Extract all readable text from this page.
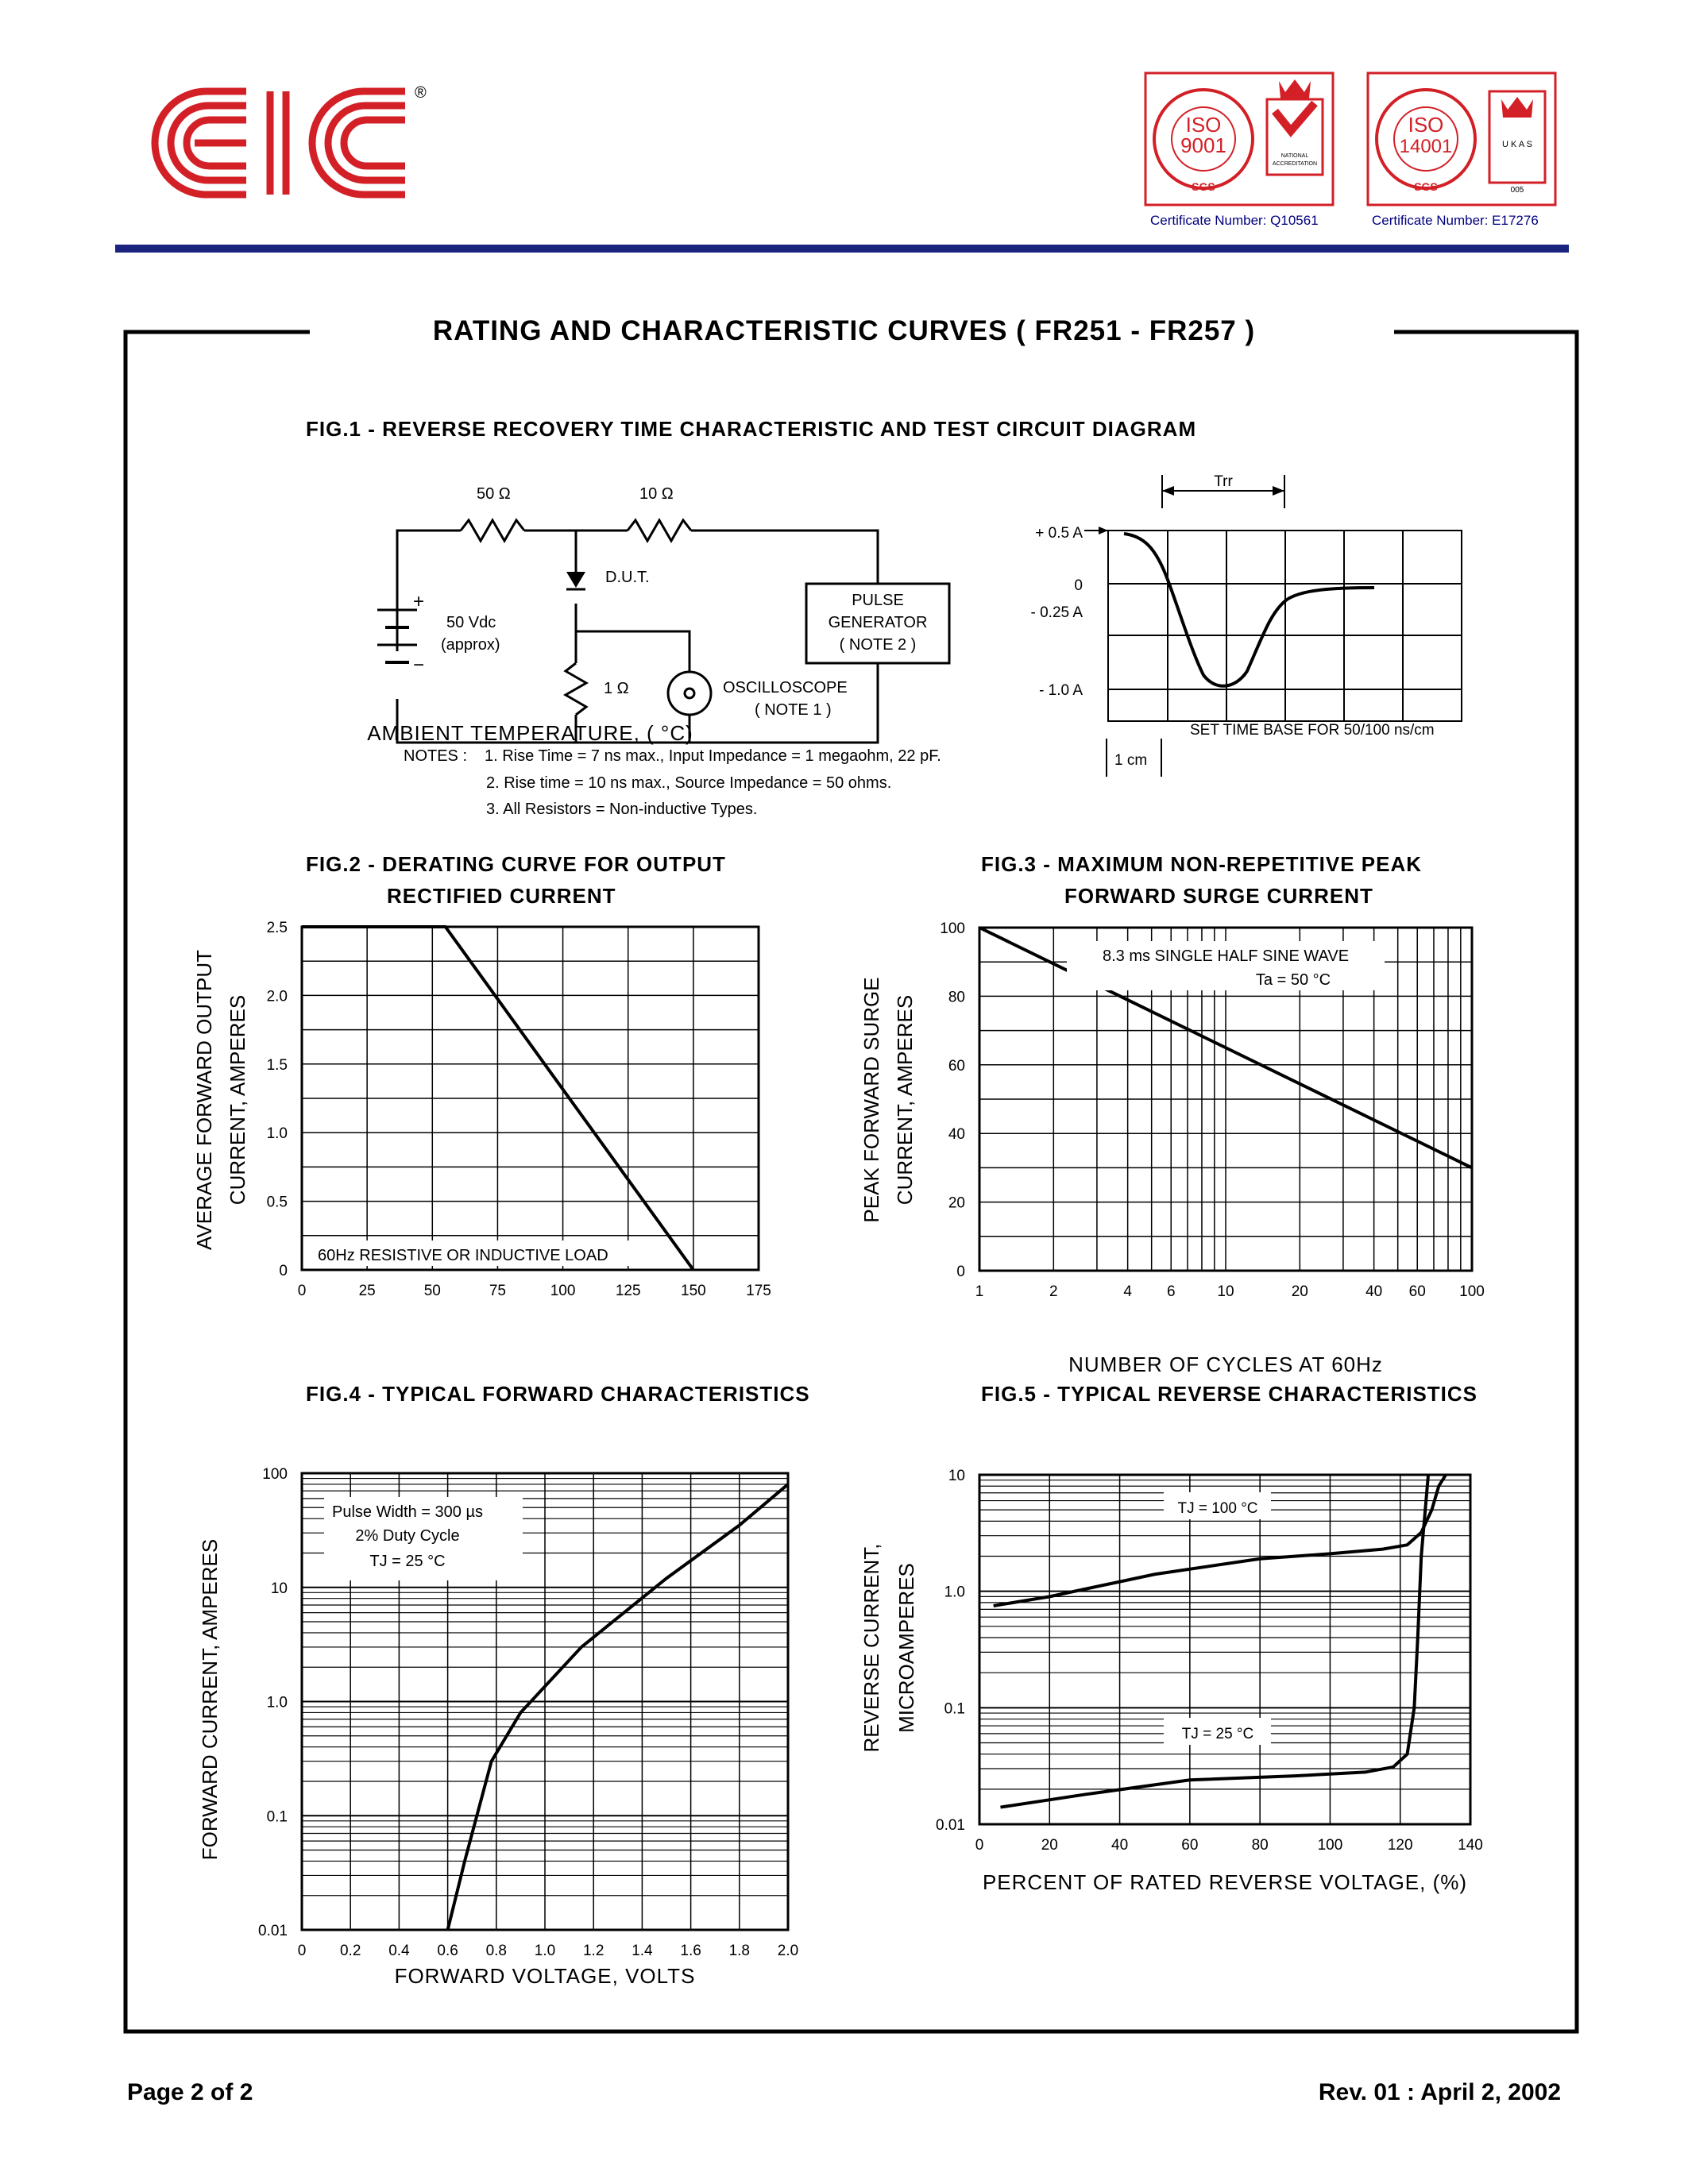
®
ISO
9001
SGS
NATIONAL
ACCREDITATION
ISO
14001
SGS
U K A S
005
Certificate Number: Q10561	Certificate Number: E17276
RATING AND CHARACTERISTIC CURVES ( FR251 - FR257 )
FIG.1 - REVERSE RECOVERY TIME CHARACTERISTIC AND TEST CIRCUIT DIAGRAM
FIG.2 - DERATING CURVE FOR OUTPUT
RECTIFIED CURRENT
FIG.3 - MAXIMUM NON-REPETITIVE PEAK
FORWARD SURGE CURRENT
FIG.4 - TYPICAL FORWARD CHARACTERISTICS	FIG.5 - TYPICAL REVERSE CHARACTERISTICS
50 Ω	10 Ω
1 Ω
+
−
50 Vdc
(approx)
D.U.T.
PULSE
GENERATOR
( NOTE 2 )
OSCILLOSCOPE
( NOTE 1 )
NOTES : 1. Rise Time = 7 ns max., Input Impedance = 1 megaohm, 22 pF.
2. Rise time = 10 ns max., Source Impedance = 50 ohms.
3. All Resistors = Non-inductive Types.
Trr
+ 0.5 A
0
- 0.25 A
- 1.0 A
SET TIME BASE FOR 50/100 ns/cm
1 cm
0	25	50	75	100	125	150	175
0
0.5
1.0
1.5
2.0
2.5
AMBIENT TEMPERATURE, ( °C)
AVERAGE FORWARD OUTPUT CURRENT, AMPERES
60Hz RESISTIVE OR INDUCTIVE LOAD
1	2	4 6	10	20	40 60 100
0
20
40
60
80
100
NUMBER OF CYCLES AT 60Hz
PEAK FORWARD SURGE CURRENT, AMPERES
8.3 ms SINGLE HALF SINE WAVE
Ta = 50 °C
0 0.2 0.4 0.6 0.8 1.0 1.2 1.4 1.6 1.8 2.0
0.01
0.1
1.0
10
100
FORWARD VOLTAGE, VOLTS
FORWARD CURRENT, AMPERES
Pulse Width = 300 µs
2% Duty Cycle
TJ = 25 °C
0	20	40	60	80	100	120	140
0.01
0.1
1.0
10
PERCENT OF RATED REVERSE VOLTAGE, (%)
REVERSE CURRENT, MICROAMPERES
TJ = 100 °C
TJ = 25 °C
Page 2 of 2	Rev. 01 : April 2, 2002
